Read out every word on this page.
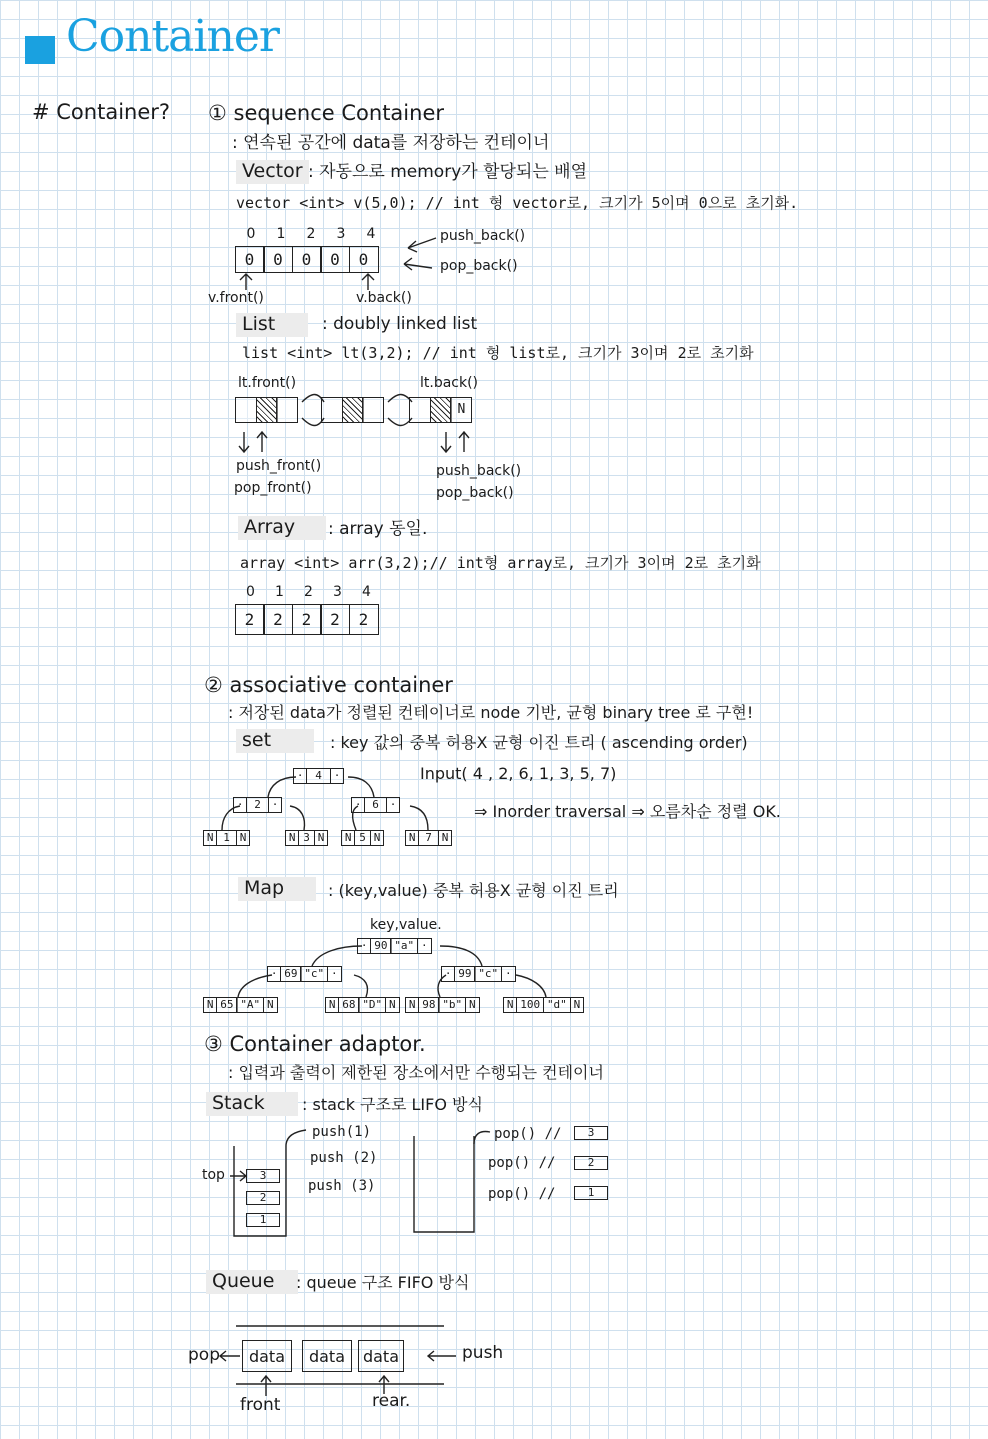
Container
# Container? ① sequence Container
: 연속된 공간에 data를 저장하는 컨테이너
Vector : 자동으로 memory가 할당되는 배열
vector <int> v(5,0); // int 형 vector로, 크기가 5이며 0으로 초기화.
0	1	2	3	4
0	0	0	0	0
push_back()
pop_back()
v.front()	v.back()
List	: doubly linked list
list <int> lt(3,2); // int 형 list로, 크기가 3이며 2로 초기화
lt.front()	lt.back()
N
push_front()
pop_front()
push_back()
pop_back()
Array	: array 동일.
array <int> arr(3,2);// int형 array로, 크기가 3이며 2로 초기화
0	1	2	3	4
2	2	2	2	2
② associative container
: 저장된 data가 정렬된 컨테이너로 node 기반, 균형 binary tree 로 구현!
set	: key 값의 중복 허용X 균형 이진 트리 ( ascending order)
Input( 4 , 2, 6, 1, 3, 5, 7)
⇒ Inorder traversal ⇒ 오름차순 정렬 OK.
·	4	·
· 2 ·	· 6 ·
N 1 N	N 3 N	N 5 N	N 7 N
Map	: (key,value) 중복 허용X 균형 이진 트리
key,value.
· 90 "a" ·
· 69 "c" ·	· 99 "c" ·
N 65 "A" N	N 68 "D" N	N 98 "b" N	N 100 "d" N
③ Container adaptor.
: 입력과 출력이 제한된 장소에서만 수행되는 컨테이너
Stack	: stack 구조로 LIFO 방식
top	3
2
1
push(1)
push (2)
push (3)
pop() //	3
pop() //	2
pop() //	1
Queue	: queue 구조 FIFO 방식
pop	push
data data data
front	rear.
